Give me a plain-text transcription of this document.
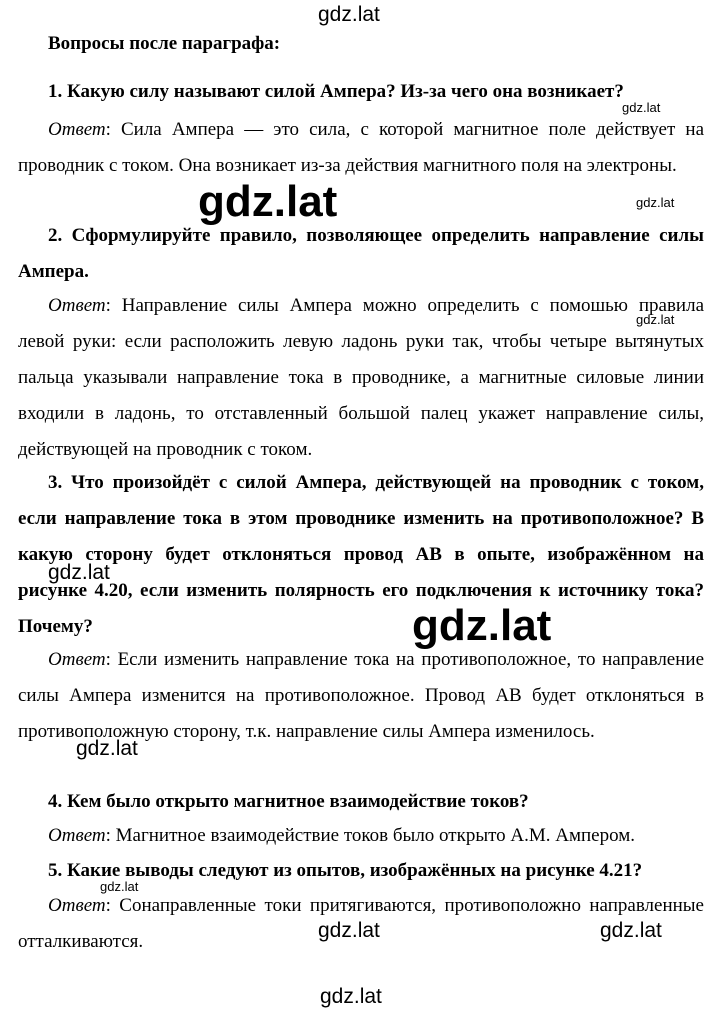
Вопросы после параграфа:
1. Какую силу называют силой Ампера? Из-за чего она возникает?
Ответ: Сила Ампера — это сила, с которой магнитное поле действует на проводник с током. Она возникает из-за действия магнитного поля на электроны.
2. Сформулируйте правило, позволяющее определить направление силы Ампера.
Ответ: Направление силы Ампера можно определить с помошью правила левой руки: если расположить левую ладонь руки так, чтобы четыре вытянутых пальца указывали направление тока в проводнике, а магнитные силовые линии входили в ладонь, то отставленный большой палец укажет направление силы, действующей на проводник с током.
3. Что произойдёт с силой Ампера, действующей на проводник с током, если направление тока в этом проводнике изменить на противоположное? В какую сторону будет отклоняться провод АВ в опыте, изображённом на рисунке 4.20, если изменить полярность его подключения к источнику тока? Почему?
Ответ: Если изменить направление тока на противоположное, то направление силы Ампера изменится на противоположное. Провод АВ будет отклоняться в противоположную сторону, т.к. направление силы Ампера изменилось.
4. Кем было открыто магнитное взаимодействие токов?
Ответ: Магнитное взаимодействие токов было открыто А.М. Ампером.
5. Какие выводы следуют из опытов, изображённых на рисунке 4.21?
Ответ: Сонаправленные токи притягиваются, противоположно направленные отталкиваются.
gdz.lat
gdz.lat
gdz.lat	gdz.lat
gdz.lat
gdz.lat
gdz.lat
gdz.lat
gdz.lat
gdz.lat	gdz.lat
gdz.lat
